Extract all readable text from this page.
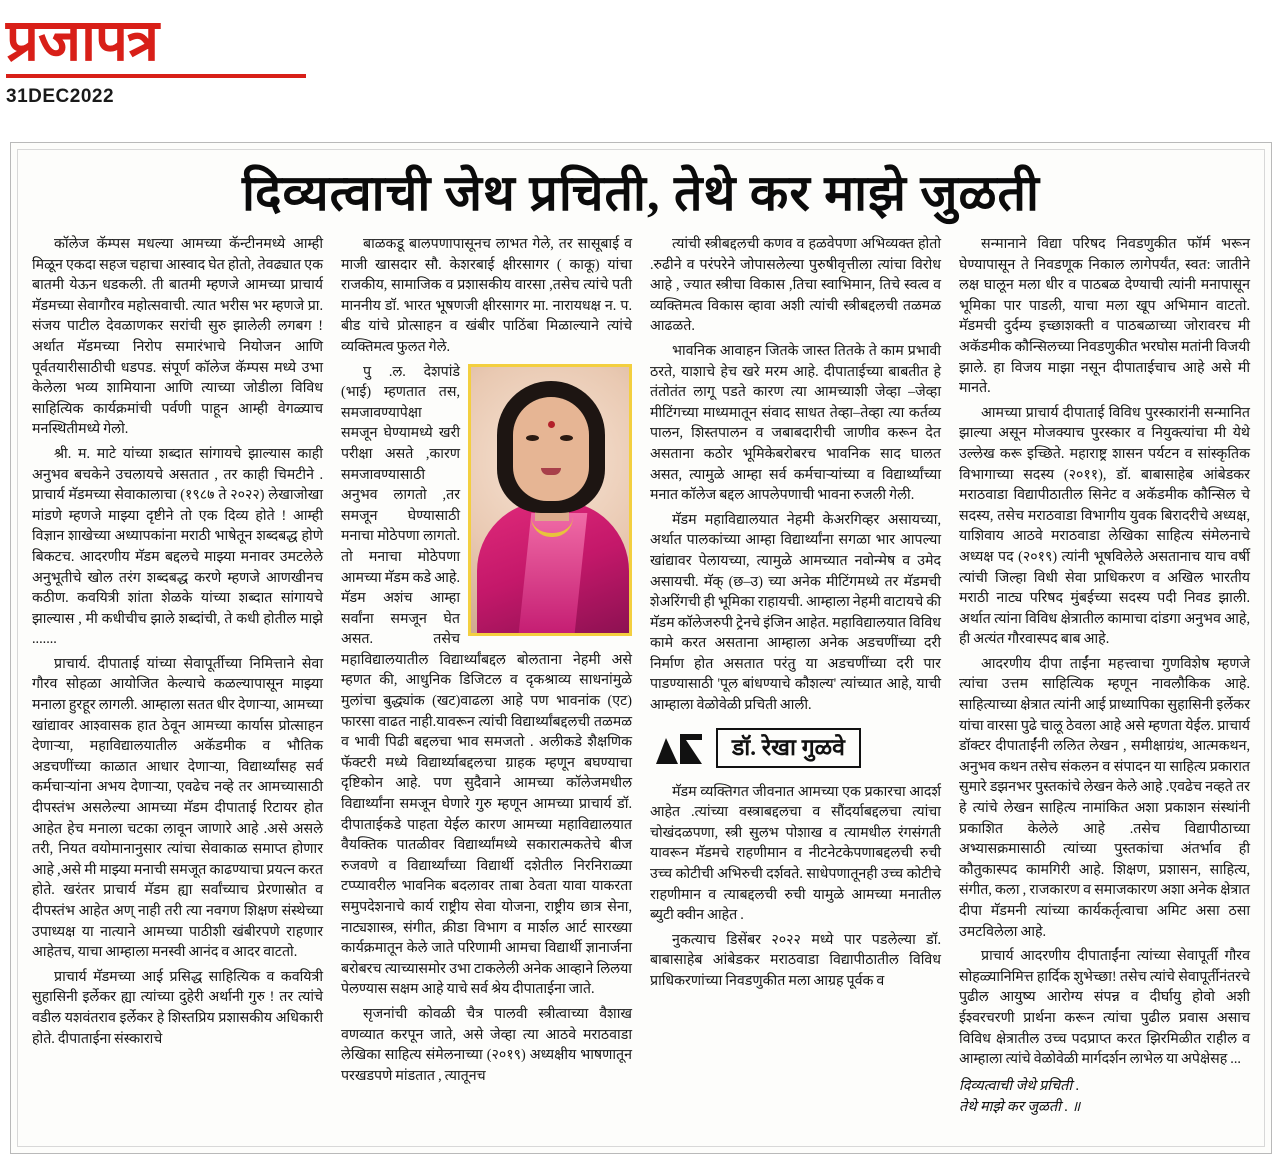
प्रजापत्र
31DEC2022
दिव्यत्वाची जेथ प्रचिती, तेथे कर माझे जुळती

कॉलेज कॅम्पस मधल्या आमच्या कॅन्टीनमध्ये आम्ही मिळून एकदा सहज चहाचा आस्वाद घेत होतो, तेवढ्यात एक बातमी येऊन धडकली. ती बातमी म्हणजे आमच्या प्राचार्य मॅडमच्या सेवागौरव महोत्सवाची. त्यात भरीस भर म्हणजे प्रा. संजय पाटील देवळाणकर सरांची सुरु झालेली लगबग ! अर्थात मॅडमच्या निरोप समारंभाचे नियोजन आणि पूर्वतयारीसाठीची धडपड. संपूर्ण कॉलेज कॅम्पस मध्ये उभा केलेला भव्य शामियाना आणि त्याच्या जोडीला विविध साहित्यिक कार्यक्रमांची पर्वणी पाहून आम्ही वेगळ्याच मनस्थितीमध्ये गेलो.

श्री. म. माटे यांच्या शब्दात सांगायचे झाल्यास काही अनुभव बचकेने उचलायचे असतात , तर काही चिमटीने . प्राचार्य मॅडमच्या सेवाकालाचा (१९८७ ते २०२२) लेखाजोखा मांडणे म्हणजे माझ्या दृष्टीने तो एक दिव्य होते ! आम्ही विज्ञान शाखेच्या अध्यापकांना मराठी भाषेतून शब्दबद्ध होणे बिकटच. आदरणीय मॅडम बद्दलचे माझ्या मनावर उमटलेले अनुभूतीचे खोल तरंग शब्दबद्ध करणे म्हणजे आणखीनच कठीण. कवयित्री शांता शेळके यांच्या शब्दात सांगायचे झाल्यास , मी कधीचीच झाले शब्दांची, ते कधी होतील माझे .......

प्राचार्य. दीपाताई यांच्या सेवापूर्तीच्या निमित्ताने सेवा गौरव सोहळा आयोजित केल्याचे कळल्यापासून माझ्या मनाला हुरहूर लागली. आम्हाला सतत धीर देणाऱ्या, आमच्या खांद्यावर आश्वासक हात ठेवून आमच्या कार्यास प्रोत्साहन देणाऱ्या, महाविद्यालयातील अकॅडमीक व भौतिक अडचणींच्या काळात आधार देणाऱ्या, विद्यार्थ्यांसह सर्व कर्मचाऱ्यांना अभय देणाऱ्या, एवढेच नव्हे तर आमच्यासाठी दीपस्तंभ असलेल्या आमच्या मॅडम दीपाताई रिटायर होत आहेत हेच मनाला चटका लावून जाणारे आहे .असे असले तरी, नियत वयोमानानुसार त्यांचा सेवाकाळ समाप्त होणार आहे ,असे मी माझ्या मनाची समजूत काढण्याचा प्रयत्न करत होते. खरंतर प्राचार्य मॅडम ह्या सर्वांच्याच प्रेरणास्रोत व दीपस्तंभ आहेत अण् नाही तरी त्या नवगण शिक्षण संस्थेच्या उपाध्यक्ष या नात्याने आमच्या पाठीशी खंबीरपणे राहणार आहेतच, याचा आम्हाला मनस्वी आनंद व आदर वाटतो.

प्राचार्य मॅडमच्या आई प्रसिद्ध साहित्यिक व कवयित्री सुहासिनी इर्लेकर ह्या त्यांच्या दुहेरी अर्थानी गुरु ! तर त्यांचे वडील यशवंतराव इर्लेकर हे शिस्तप्रिय प्रशासकीय अधिकारी होते. दीपाताईना संस्काराचे

बाळकडू बालपणापासूनच लाभत गेले, तर सासूबाई व माजी खासदार सौ. केशरबाई क्षीरसागर ( काकू) यांचा राजकीय, सामाजिक व प्रशासकीय वारसा ,तसेच त्यांचे पती माननीय डॉ. भारत भूषणजी क्षीरसागर मा. नारायधक्ष न. प. बीड यांचे प्रोत्साहन व खंबीर पाठिंबा मिळाल्याने त्यांचे व्यक्तिमत्व फुलत गेले.

पु .ल. देशपांडे (भाई) म्हणतात तस, समजावण्यापेक्षा समजून घेण्यामध्ये खरी परीक्षा असते ,कारण समजावण्यासाठी अनुभव लागतो ,तर समजून घेण्यासाठी मनाचा मोठेपणा लागतो. तो मनाचा मोठेपणा आमच्या मॅडम कडे आहे. मॅडम अशंच आम्हा सर्वांना समजून घेत असत. तसेच महाविद्यालयातील विद्यार्थ्यांबद्दल बोलताना नेहमी असे म्हणत की, आधुनिक डिजिटल व दृकश्राव्य साधनांमुळे मुलांचा बुद्ध्यांक (खट)वाढला आहे पण भावनांक (एट) फारसा वाढत नाही.यावरून त्यांची विद्यार्थ्यांबद्दलची तळमळ व भावी पिढी बद्दलचा भाव समजतो . अलीकडे शैक्षणिक फॅक्टरी मध्ये विद्यार्थ्याबद्दलचा ग्राहक म्हणून बघण्याचा दृष्टिकोन आहे. पण सुदैवाने आमच्या कॉलेजमधील विद्यार्थ्यांना समजून घेणारे गुरु म्हणून आमच्या प्राचार्य डॉ. दीपाताईकडे पाहता येईल कारण आमच्या महाविद्यालयात वैयक्तिक पातळीवर विद्यार्थ्यांमध्ये सकारात्मकतेचे बीज रुजवणे व विद्यार्थ्यांच्या विद्यार्थी दशेतील निरनिराळ्या टप्प्यावरील भावनिक बदलावर ताबा ठेवता यावा याकरता समुपदेशनाचे कार्य राष्ट्रीय सेवा योजना, राष्ट्रीय छात्र सेना, नाट्यशास्त्र, संगीत, क्रीडा विभाग व मार्शल आर्ट सारख्या कार्यक्रमातून केले जाते परिणामी आमचा विद्यार्थी ज्ञानार्जना बरोबरच त्याच्यासमोर उभा टाकलेली अनेक आव्हाने लिलया पेलण्यास सक्षम आहे याचे सर्व श्रेय दीपाताईना जाते.

सृजनांची कोवळी चैत्र पालवी स्त्रीत्वाच्या वैशाख वणव्यात करपून जाते, असे जेव्हा त्या आठवे मराठवाडा लेखिका साहित्य संमेलनाच्या (२०१९) अध्यक्षीय भाषणातून परखडपणे मांडतात , त्यातूनच

त्यांची स्त्रीबद्दलची कणव व हळवेपणा अभिव्यक्त होतो .रुढीने व परंपरेने जोपासलेल्या पुरुषीवृत्तीला त्यांचा विरोध आहे , ज्यात स्त्रीचा विकास ,तिचा स्वाभिमान, तिचे स्वत्व व व्यक्तिमत्व विकास व्हावा अशी त्यांची स्त्रीबद्दलची तळमळ आढळते.

भावनिक आवाहन जितके जास्त तितके ते काम प्रभावी ठरते, याशाचे हेच खरे मरम आहे. दीपाताईच्या बाबतीत हे तंतोतंत लागू पडते कारण त्या आमच्याशी जेव्हा –जेव्हा मीटिंगच्या माध्यमातून संवाद साधत तेव्हा–तेव्हा त्या कर्तव्य पालन, शिस्तपालन व जबाबदारीची जाणीव करून देत असताना कठोर भूमिकेबरोबरच भावनिक साद घालत असत, त्यामुळे आम्हा सर्व कर्मचाऱ्यांच्या व विद्यार्थ्यांच्या मनात कॉलेज बद्दल आपलेपणाची भावना रुजली गेली.

मॅडम महाविद्यालयात नेहमी केअरगिव्हर असायच्या, अर्थात पालकांच्या आम्हा विद्यार्थ्यांना सगळा भार आपल्या खांद्यावर पेलायच्या, त्यामुळे आमच्यात नवोन्मेष व उमेद असायची. मॅक् (छ–उ) च्या अनेक मीटिंगमध्ये तर मॅडमची शेअरिंगची ही भूमिका राहायची. आम्हाला नेहमी वाटायचे की मॅडम कॉलेजरुपी ट्रेनचे इंजिन आहेत. महाविद्यालयात विविध कामे करत असताना आम्हाला अनेक अडचणींच्या दरी निर्माण होत असतात परंतु या अडचणींच्या दरी पार पाडण्यासाठी 'पूल बांधण्याचे कौशल्य' त्यांच्यात आहे, याची आम्हाला वेळोवेळी प्रचिती आली.

डॉ. रेखा गुळवे

मॅडम व्यक्तिगत जीवनात आमच्या एक प्रकारचा आदर्श आहेत .त्यांच्या वस्त्राबद्दलचा व सौंदर्याबद्दलचा त्यांचा चोखंदळपणा, स्त्री सुलभ पोशाख व त्यामधील रंगसंगती यावरून मॅडमचे राहणीमान व नीटनेटकेपणाबद्दलची रुची उच्च कोटीची अभिरुची दर्शवते. साधेपणातूनही उच्च कोटीचे राहणीमान व त्याबद्दलची रुची यामुळे आमच्या मनातील ब्युटी क्वीन आहेत .

नुकत्याच डिसेंबर २०२२ मध्ये पार पडलेल्या डॉ. बाबासाहेब आंबेडकर मराठवाडा विद्यापीठातील विविध प्राधिकरणांच्या निवडणुकीत मला आग्रह पूर्वक व

सन्मानाने विद्या परिषद निवडणुकीत फॉर्म भरून घेण्यापासून ते निवडणूक निकाल लागेपर्यंत, स्वत: जातीने लक्ष घालून मला धीर व पाठबळ देण्याची त्यांनी मनापासून भूमिका पार पाडली, याचा मला खूप अभिमान वाटतो. मॅडमची दुर्दम्य इच्छाशक्ती व पाठबळाच्या जोरावरच मी अकॅडमीक कौन्सिलच्या निवडणुकीत भरघोस मतांनी विजयी झाले. हा विजय माझा नसून दीपाताईचाच आहे असे मी मानते.

आमच्या प्राचार्य दीपाताई विविध पुरस्कारांनी सन्मानित झाल्या असून मोजक्याच पुरस्कार व नियुक्त्यांचा मी येथे उल्लेख करू इच्छिते. महाराष्ट्र शासन पर्यटन व सांस्कृतिक विभागाच्या सदस्य (२०११), डॉ. बाबासाहेब आंबेडकर मराठवाडा विद्यापीठातील सिनेट व अकॅडमीक कौन्सिल चे सदस्य, तसेच मराठवाडा विभागीय युवक बिरादरीचे अध्यक्ष, याशिवाय आठवे मराठवाडा लेखिका साहित्य संमेलनाचे अध्यक्ष पद (२०१९) त्यांनी भूषविलेले असतानाच याच वर्षी त्यांची जिल्हा विधी सेवा प्राधिकरण व अखिल भारतीय मराठी नाट्य परिषद मुंबईच्या सदस्य पदी निवड झाली. अर्थात त्यांना विविध क्षेत्रातील कामाचा दांडगा अनुभव आहे, ही अत्यंत गौरवास्पद बाब आहे.

आदरणीय दीपा ताईंना महत्त्वाचा गुणविशेष म्हणजे त्यांचा उत्तम साहित्यिक म्हणून नावलौकिक आहे. साहित्याच्या क्षेत्रात त्यांनी आई प्राध्यापिका सुहासिनी इर्लेकर यांचा वारसा पुढे चालू ठेवला आहे असे म्हणता येईल. प्राचार्य डॉक्टर दीपाताईंनी ललित लेखन , समीक्षाग्रंथ, आत्मकथन, अनुभव कथन तसेच संकलन व संपादन या साहित्य प्रकारात सुमारे डझनभर पुस्तकांचे लेखन केले आहे .एवढेच नव्हते तर हे त्यांचे लेखन साहित्य नामांकित अशा प्रकाशन संस्थांनी प्रकाशित केलेले आहे .तसेच विद्यापीठाच्या अभ्यासक्रमासाठी त्यांच्या पुस्तकांचा अंतर्भाव ही कौतुकास्पद कामगिरी आहे. शिक्षण, प्रशासन, साहित्य, संगीत, कला , राजकारण व समाजकारण अशा अनेक क्षेत्रात दीपा मॅडमनी त्यांच्या कार्यकर्तृत्वाचा अमिट असा ठसा उमटविलेला आहे.

प्राचार्य आदरणीय दीपाताईंना त्यांच्या सेवापूर्ती गौरव सोहळ्यानिमित्त हार्दिक शुभेच्छा! तसेच त्यांचे सेवापूर्तीनंतरचे पुढील आयुष्य आरोग्य संपन्न व दीर्घायु होवो अशी ईश्वरचरणी प्रार्थना करून त्यांचा पुढील प्रवास असाच विविध क्षेत्रातील उच्च पदप्राप्त करत झिरमिळीत राहील व आम्हाला त्यांचे वेळोवेळी मार्गदर्शन लाभेल या अपेक्षेसह ...

दिव्यत्वाची जेथे प्रचिती .
तेथे माझे कर जुळती . ॥
